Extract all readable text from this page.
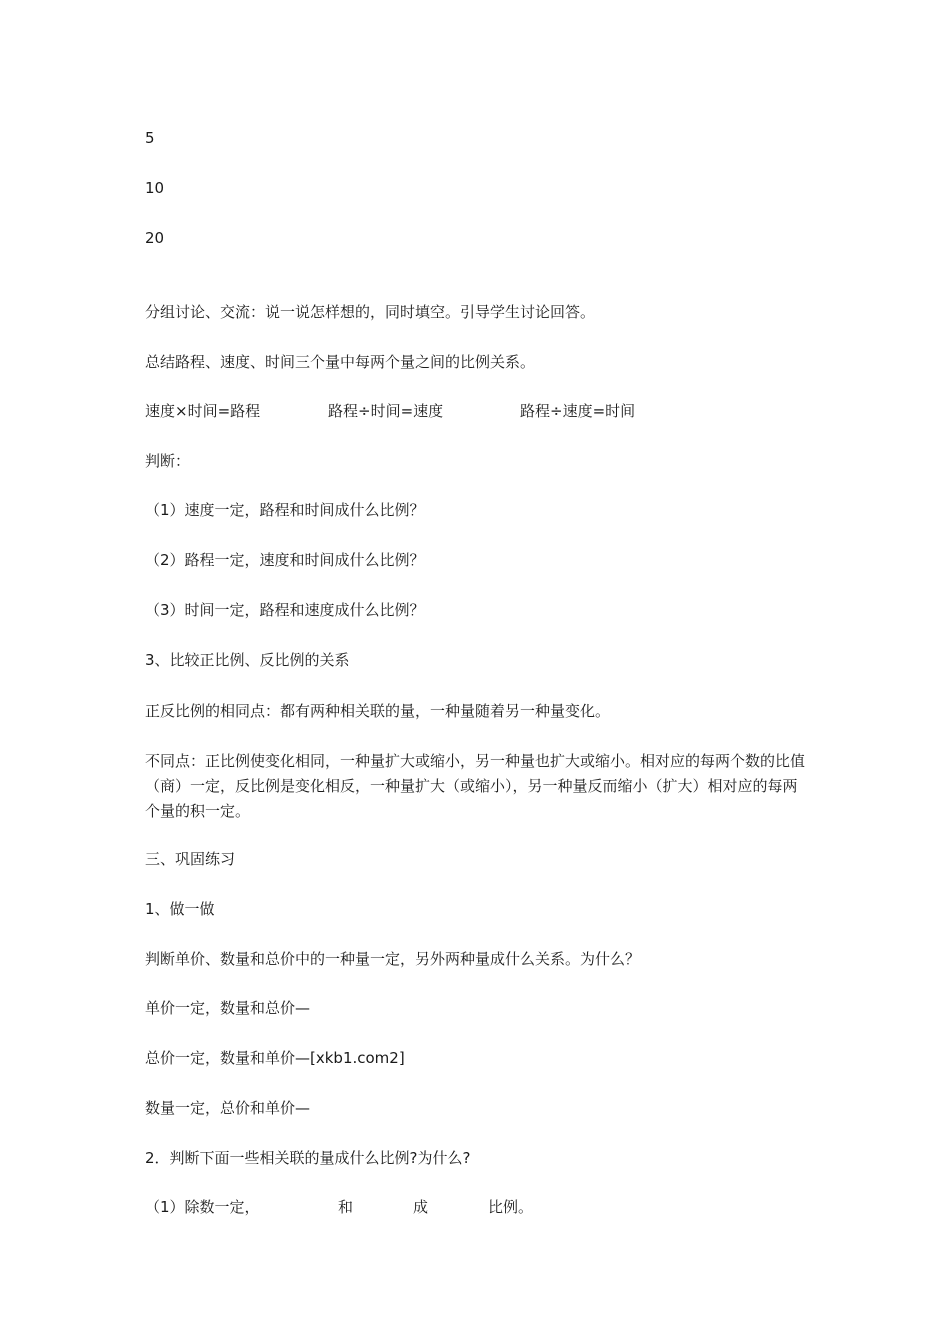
5
10
20
分组讨论、交流：说一说怎样想的，同时填空。引导学生讨论回答。
总结路程、速度、时间三个量中每两个量之间的比例关系。
速度×时间=路程	路程÷时间=速度	路程÷速度=时间
判断：
（1）速度一定，路程和时间成什么比例？
（2）路程一定，速度和时间成什么比例？
（3）时间一定，路程和速度成什么比例？
3、比较正比例、反比例的关系
正反比例的相同点：都有两种相关联的量，一种量随着另一种量变化。
不同点：正比例使变化相同，一种量扩大或缩小，另一种量也扩大或缩小。相对应的每两个数的比值（商）一定，反比例是变化相反，一种量扩大（或缩小），另一种量反而缩小（扩大）相对应的每两个量的积一定。
三、巩固练习
1、做一做
判断单价、数量和总价中的一种量一定，另外两种量成什么关系。为什么？
单价一定，数量和总价—
总价一定，数量和单价—[xkb1.com2]
数量一定，总价和单价—
2．判断下面一些相关联的量成什么比例?为什么?
（1）除数一定，	和	成	比例。
